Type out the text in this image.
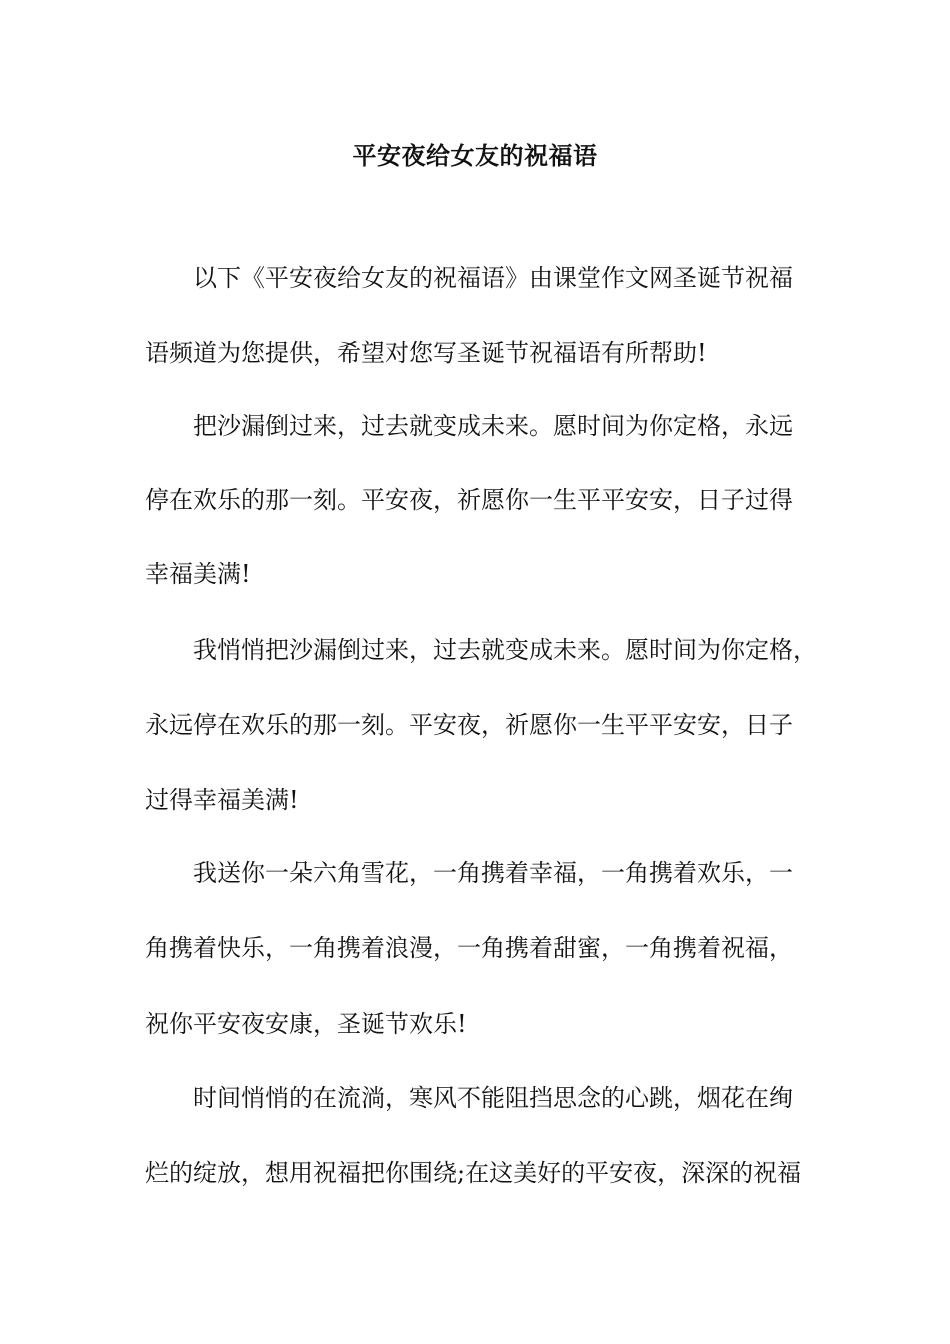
平安夜给女友的祝福语
以下《平安夜给女友的祝福语》由课堂作文网圣诞节祝福
语频道为您提供，希望对您写圣诞节祝福语有所帮助!
把沙漏倒过来，过去就变成未来。愿时间为你定格，永远
停在欢乐的那一刻。平安夜，祈愿你一生平平安安，日子过得
幸福美满!
我悄悄把沙漏倒过来，过去就变成未来。愿时间为你定格，
永远停在欢乐的那一刻。平安夜，祈愿你一生平平安安，日子
过得幸福美满!
我送你一朵六角雪花，一角携着幸福，一角携着欢乐，一
角携着快乐，一角携着浪漫，一角携着甜蜜，一角携着祝福，
祝你平安夜安康，圣诞节欢乐!
时间悄悄的在流淌，寒风不能阻挡思念的心跳，烟花在绚
烂的绽放，想用祝福把你围绕;在这美好的平安夜，深深的祝福
